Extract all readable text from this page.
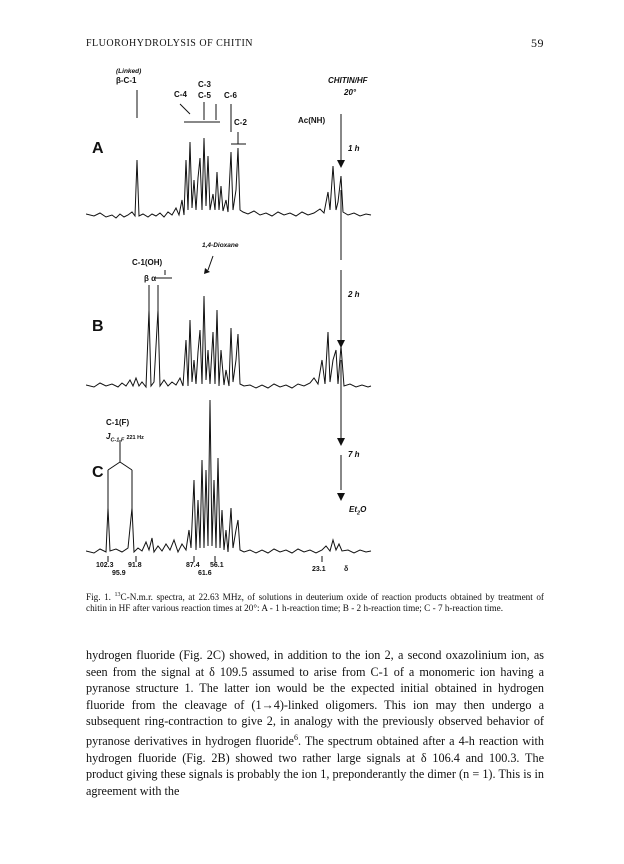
FLUOROHYDROLYSIS OF CHITIN	59
(Linked)
β-C-1
C-4
C-3
C-5 C-6
C-2	Ac(NH)
CHITIN/HF
20°
1 h
A
1,4-Dioxane
C-1(OH)
β α
2 h
B
C-1(F)
$J_{C-1,F}$ 221 Hz
7 h
$Et_2O$
C
102.3 91.8
95.9
87.4 56.1
61.6
23.1	δ
Fig. 1. $^{13}$C-N.m.r. spectra, at 22.63 MHz, of solutions in deuterium oxide of reaction products obtained by treatment of chitin in HF after various reaction times at 20°: A - 1 h-reaction time; B - 2 h-reaction time; C - 7 h-reaction time.

hydrogen fluoride (Fig. 2C) showed, in addition to the ion 2, a second oxazolinium ion, as seen from the signal at δ 109.5 assumed to arise from C-1 of a monomeric ion having a pyranose structure 1. The latter ion would be the expected initial obtained in hydrogen fluoride from the cleavage of (1→4)-linked oligomers. This ion may then undergo a subsequent ring-contraction to give 2, in analogy with the previously observed behavior of pyranose derivatives in hydrogen fluoride$^6$. The spectrum obtained after a 4-h reaction with hydrogen fluoride (Fig. 2B) showed two rather large signals at δ 106.4 and 100.3. The product giving these signals is probably the ion 1, preponderantly the dimer (n = 1). This is in agreement with the
